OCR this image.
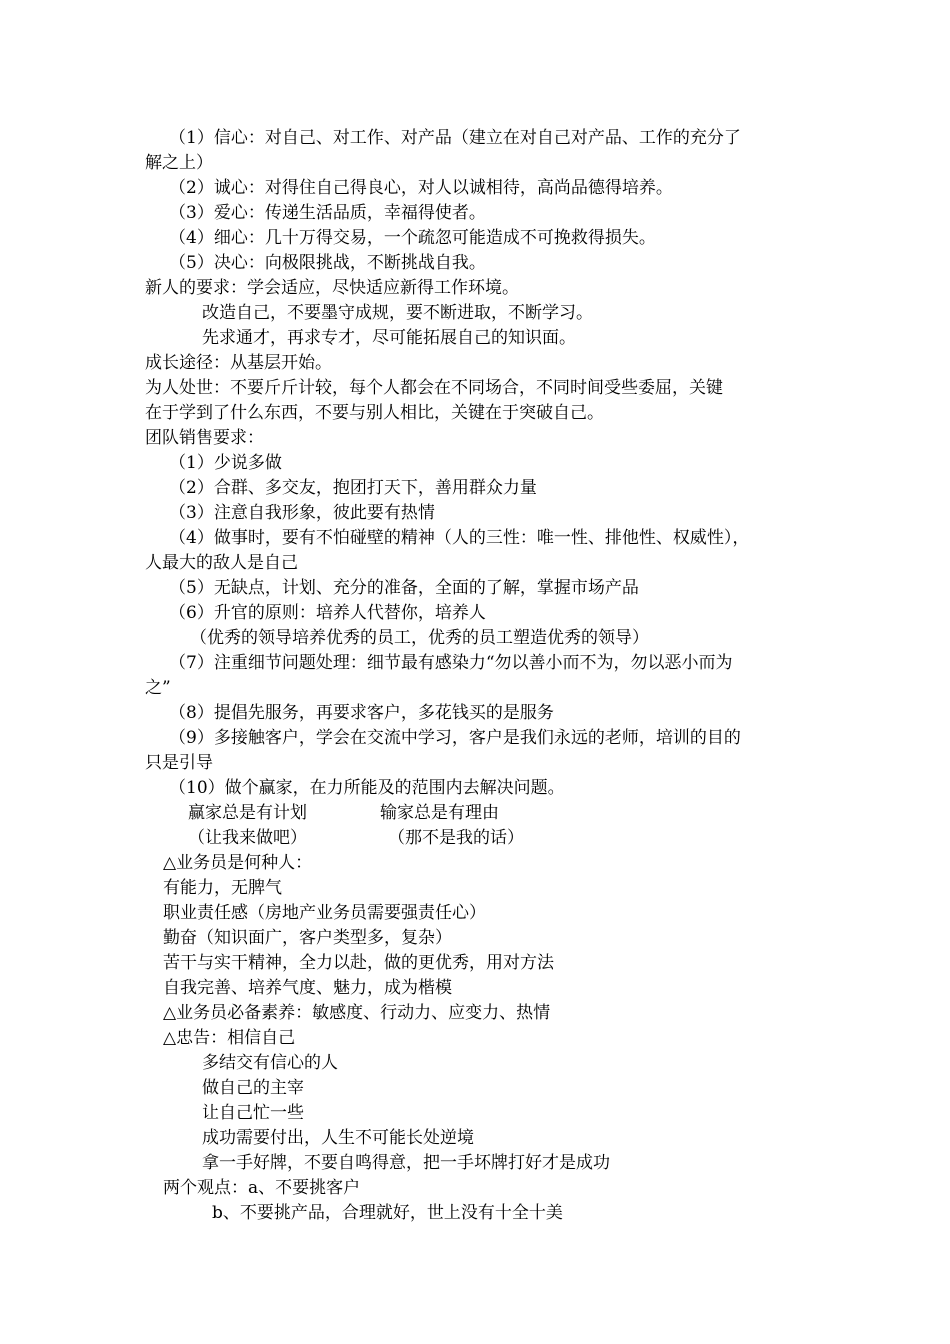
（1）信心：对自己、对工作、对产品（建立在对自己对产品、工作的充分了
解之上）
（2）诚心：对得住自己得良心，对人以诚相待，高尚品德得培养。
（3）爱心：传递生活品质，幸福得使者。
（4）细心：几十万得交易，一个疏忽可能造成不可挽救得损失。
（5）决心：向极限挑战，不断挑战自我。
新人的要求：学会适应，尽快适应新得工作环境。
改造自己，不要墨守成规，要不断进取，不断学习。
先求通才，再求专才，尽可能拓展自己的知识面。
成长途径：从基层开始。
为人处世：不要斤斤计较，每个人都会在不同场合，不同时间受些委屈，关键
在于学到了什么东西，不要与别人相比，关键在于突破自己。
团队销售要求：
（1）少说多做
（2）合群、多交友，抱团打天下，善用群众力量
（3）注意自我形象，彼此要有热情
（4）做事时，要有不怕碰壁的精神（人的三性：唯一性、排他性、权威性），
人最大的敌人是自己
（5）无缺点，计划、充分的准备，全面的了解，掌握市场产品
（6）升官的原则：培养人代替你，培养人
（优秀的领导培养优秀的员工，优秀的员工塑造优秀的领导）
（7）注重细节问题处理：细节最有感染力“勿以善小而不为，勿以恶小而为
之”
（8）提倡先服务，再要求客户，多花钱买的是服务
（9）多接触客户，学会在交流中学习，客户是我们永远的老师，培训的目的
只是引导
（10）做个赢家，在力所能及的范围内去解决问题。
赢家总是有计划	输家总是有理由
（让我来做吧）	（那不是我的话）
△业务员是何种人：
有能力，无脾气
职业责任感（房地产业务员需要强责任心）
勤奋（知识面广，客户类型多，复杂）
苦干与实干精神，全力以赴，做的更优秀，用对方法
自我完善、培养气度、魅力，成为楷模
△业务员必备素养：敏感度、行动力、应变力、热情
△忠告：相信自己
多结交有信心的人
做自己的主宰
让自己忙一些
成功需要付出，人生不可能长处逆境
拿一手好牌，不要自鸣得意，把一手坏牌打好才是成功
两个观点：a、不要挑客户
b、不要挑产品，合理就好，世上没有十全十美
